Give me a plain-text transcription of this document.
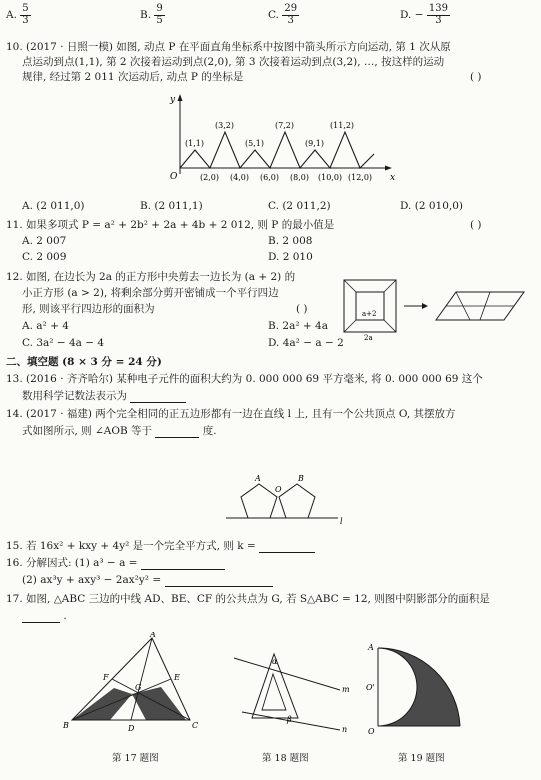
A. $\frac{5}{3}$	B. $\frac{9}{5}$	C. $\frac{29}{3}$	D. − $\frac{139}{3}$
10. (2017 · 日照一模) 如图, 动点 P 在平面直角坐标系中按图中箭头所示方向运动, 第 1 次从原
点运动到点(1,1), 第 2 次接着运动到点(2,0), 第 3 次接着运动到点(3,2), …, 按这样的运动
规律, 经过第 2 011 次运动后, 动点 P 的坐标是	( )
y
x
O
(1,1)
(3,2)
(5,1)
(7,2)
(9,1)
(11,2)
(2,0) (4,0) (6,0) (8,0) (10,0) (12,0)
A. (2 011,0)	B. (2 011,1)	C. (2 011,2)	D. (2 010,0)
11. 如果多项式 P = a² + 2b² + 2a + 4b + 2 012, 则 P 的最小值是	( )
A. 2 007	B. 2 008
C. 2 009	D. 2 010
12. 如图, 在边长为 2a 的正方形中央剪去一边长为 (a + 2) 的
小正方形 (a > 2), 将剩余部分剪开密铺成一个平行四边
形, 则该平行四边形的面积为	( )
A. a² + 4	B. 2a² + 4a
C. 3a² − 4a − 4	D. 4a² − a − 2
a+2
2a
二、填空题 (8 × 3 分 = 24 分)
13. (2016 · 齐齐哈尔) 某种电子元件的面积大约为 0. 000 000 69 平方毫米, 将 0. 000 000 69 这个
数用科学记数法表示为
14. (2017 · 福建) 两个完全相同的正五边形都有一边在直线 l 上, 且有一个公共顶点 O, 其摆放方
式如图所示, 则 ∠AOB 等于	度.
A	B
O
l
15. 若 16x² + kxy + 4y² 是一个完全平方式, 则 k =
16. 分解因式: (1) a³ − a =
(2) ax³y + axy³ − 2ax²y² =
17. 如图, △ABC 三边的中线 AD、BE、CF 的公共点为 G, 若 S△ABC = 12, 则图中阴影部分的面积是
.
A
B	C
D
E
F
G
α
β
m
n
A
O'
O
第 17 题图	第 18 题图	第 19 题图
